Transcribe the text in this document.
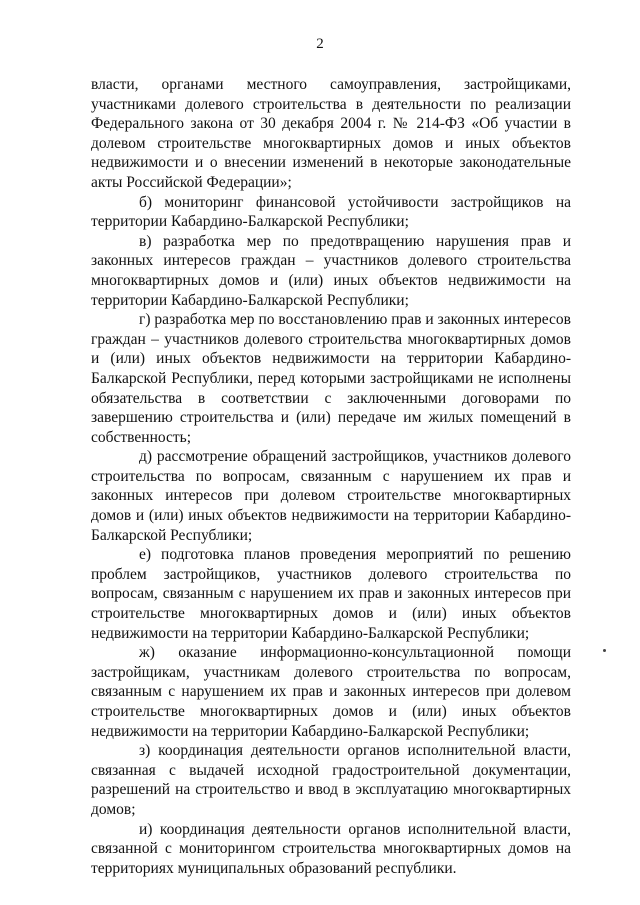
2

власти, органами местного самоуправления, застройщиками, участниками долевого строительства в деятельности по реализации Федерального закона от 30 декабря 2004 г. № 214-ФЗ «Об участии в долевом строительстве многоквартирных домов и иных объектов недвижимости и о внесении изменений в некоторые законодательные акты Российской Федерации»;

б) мониторинг финансовой устойчивости застройщиков на территории Кабардино-Балкарской Республики;

в) разработка мер по предотвращению нарушения прав и законных интересов граждан – участников долевого строительства многоквартирных домов и (или) иных объектов недвижимости на территории Кабардино-Балкарской Республики;

г) разработка мер по восстановлению прав и законных интересов граждан – участников долевого строительства многоквартирных домов и (или) иных объектов недвижимости на территории Кабардино-Балкарской Республики, перед которыми застройщиками не исполнены обязательства в соответствии с заключенными договорами по завершению строительства и (или) передаче им жилых помещений в собственность;

д) рассмотрение обращений застройщиков, участников долевого строительства по вопросам, связанным с нарушением их прав и законных интересов при долевом строительстве многоквартирных домов и (или) иных объектов недвижимости на территории Кабардино-Балкарской Республики;

е) подготовка планов проведения мероприятий по решению проблем застройщиков, участников долевого строительства по вопросам, связанным с нарушением их прав и законных интересов при строительстве многоквартирных домов и (или) иных объектов недвижимости на территории Кабардино-Балкарской Республики;

ж) оказание информационно-консультационной помощи застройщикам, участникам долевого строительства по вопросам, связанным с нарушением их прав и законных интересов при долевом строительстве многоквартирных домов и (или) иных объектов недвижимости на территории Кабардино-Балкарской Республики;

з) координация деятельности органов исполнительной власти, связанная с выдачей исходной градостроительной документации, разрешений на строительство и ввод в эксплуатацию многоквартирных домов;

и) координация деятельности органов исполнительной власти, связанной с мониторингом строительства многоквартирных домов на территориях муниципальных образований республики.
